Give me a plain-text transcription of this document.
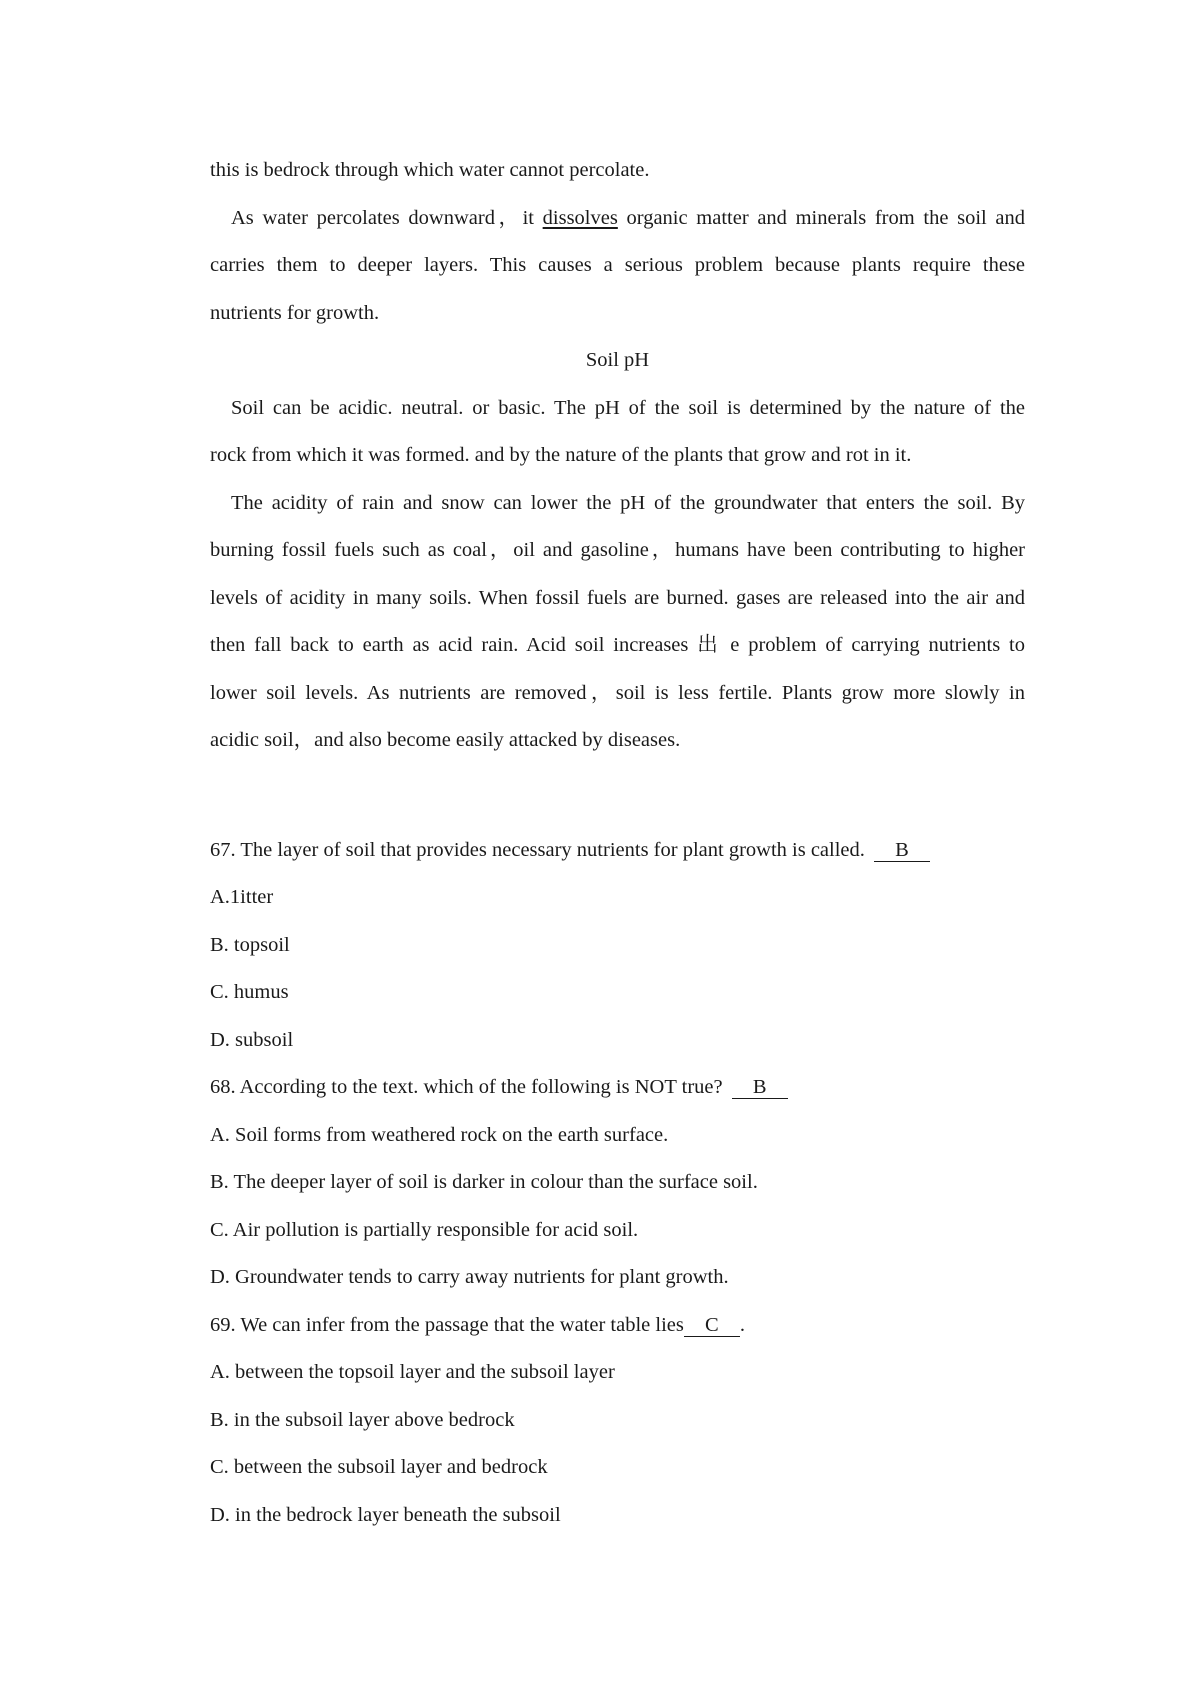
this is bedrock through which water cannot percolate.
As water percolates downward，it dissolves organic matter and minerals from the soil and
carries them to deeper layers. This causes a serious problem because plants require these
nutrients for growth.
Soil pH
Soil can be acidic. neutral. or basic. The pH of the soil is determined by the nature of the
rock from which it was formed. and by the nature of the plants that grow and rot in it.
The acidity of rain and snow can lower the pH of the groundwater that enters the soil. By
burning fossil fuels such as coal，oil and gasoline，humans have been contributing to higher
levels of acidity in many soils. When fossil fuels are burned. gases are released into the air and
then fall back to earth as acid rain. Acid soil increases 出 e problem of carrying nutrients to
lower soil levels. As nutrients are removed，soil is less fertile. Plants grow more slowly in
acidic soil，and also become easily attacked by diseases.
67. The layer of soil that provides necessary nutrients for plant growth is called. B
A.1itter
B. topsoil
C. humus
D. subsoil
68. According to the text. which of the following is NOT true? B
A. Soil forms from weathered rock on the earth surface.
B. The deeper layer of soil is darker in colour than the surface soil.
C. Air pollution is partially responsible for acid soil.
D. Groundwater tends to carry away nutrients for plant growth.
69. We can infer from the passage that the water table lies C .
A. between the topsoil layer and the subsoil layer
B. in the subsoil layer above bedrock
C. between the subsoil layer and bedrock
D. in the bedrock layer beneath the subsoil
